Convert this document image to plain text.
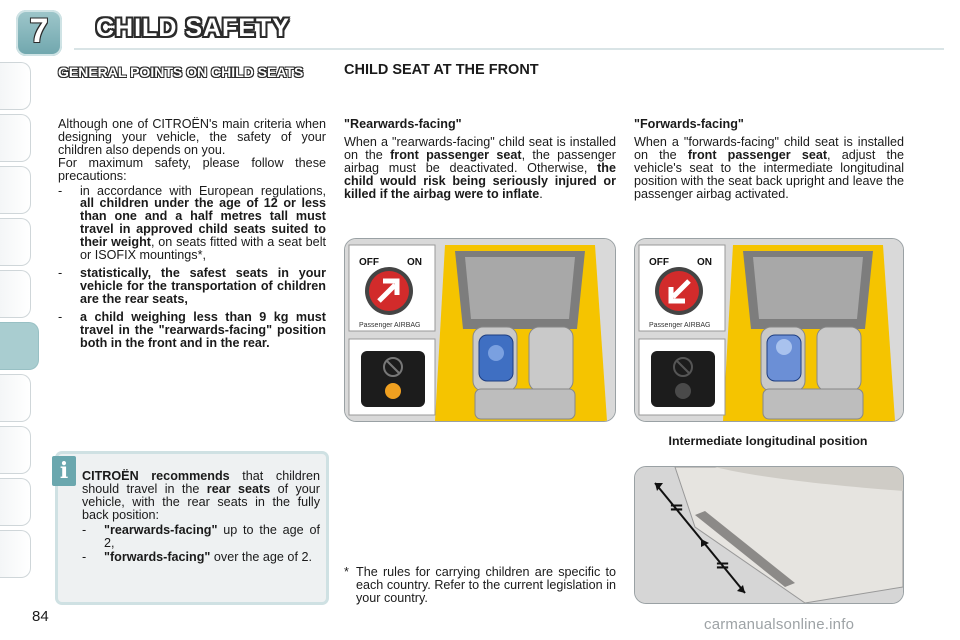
7	CHILD SAFETY
GENERAL POINTS ON CHILD SEATS

Although one of CITROËN's main criteria when designing your vehicle, the safety of your children also depends on you.

For maximum safety, please follow these precautions:

-	in accordance with European regulations, all children under the age of 12 or less than one and a half metres tall must travel in approved child seats suited to their weight, on seats fitted with a seat belt or ISOFIX mountings*,
-	statistically, the safest seats in your vehicle for the transportation of children are the rear seats,
-	a child weighing less than 9 kg must travel in the "rearwards-facing" position both in the front and in the rear.
i	CITROËN recommends that children should travel in the rear seats of your vehicle, with the rear seats in the fully back position:

-	"rearwards-facing" up to the age of 2,
-	"forwards-facing" over the age of 2.
CHILD SEAT AT THE FRONT

"Rearwards-facing"

When a "rearwards-facing" child seat is installed on the front passenger seat, the passenger airbag must be deactivated. Otherwise, the child would risk being seriously injured or killed if the airbag were to inflate.

"Forwards-facing"

When a "forwards-facing" child seat is installed on the front passenger seat, adjust the vehicle's seat to the intermediate longitudinal position with the seat back upright and leave the passenger airbag activated.

OFF	ON
Passenger AIRBAG
OFF	ON
Passenger AIRBAG
Intermediate longitudinal position
=
=
* The rules for carrying children are specific to each country. Refer to the current legislation in your country.
84	carmanualsonline.info
